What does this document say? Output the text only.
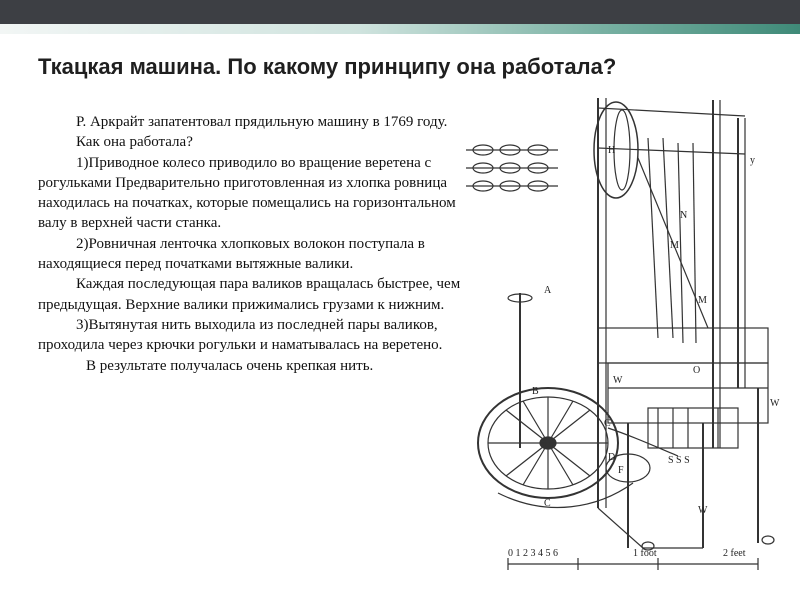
Ткацкая машина. По какому принципу она работала?

Р. Аркрайт запатентовал прядильную машину в 1769 году.

Как она работала?

1)Приводное колесо приводило во вращение веретена с рогульками Предварительно приготовленная из хлопка ровница находилась на початках, которые помещались на горизонтальном валу в верхней части станка.

2)Ровничная ленточка хлопковых волокон поступала в находящиеся перед початками вытяжные валики.

Каждая последующая пара валиков вращалась быстрее, чем предыдущая. Верхние валики прижимались грузами к нижним.

3)Вытянутая нить выходила из последней пары валиков, проходила через крючки рогульки и наматывалась на веретено.

В результате получалась очень крепкая нить.

H
y
N
M
M
A
B
C
C
D
F
W
W
W
O
S S S
0 1 2 3 4 5 6	1 foot	2 feet
